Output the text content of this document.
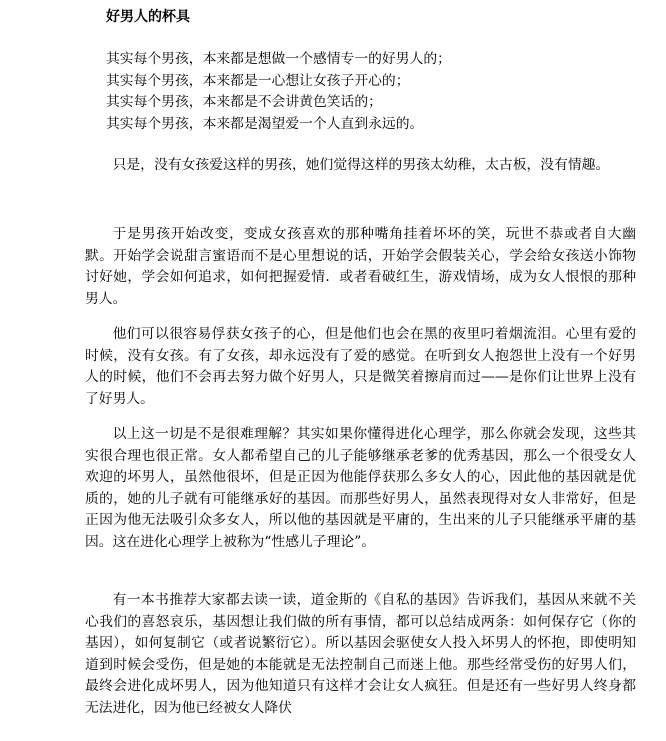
好男人的杯具
其实每个男孩，本来都是想做一个感情专一的好男人的；
其实每个男孩，本来都是一心想让女孩子开心的；
其实每个男孩，本来都是不会讲黄色笑话的；
其实每个男孩，本来都是渴望爱一个人直到永远的。

只是，没有女孩爱这样的男孩，她们觉得这样的男孩太幼稚，太古板，没有情趣。

于是男孩开始改变，变成女孩喜欢的那种嘴角挂着坏坏的笑，玩世不恭或者自大幽默。开始学会说甜言蜜语而不是心里想说的话，开始学会假装关心，学会给女孩送小饰物讨好她，学会如何追求，如何把握爱情．或者看破红生，游戏情场，成为女人恨恨的那种男人。

他们可以很容易俘获女孩子的心，但是他们也会在黑的夜里叼着烟流泪。心里有爱的时候，没有女孩。有了女孩，却永远没有了爱的感觉。在听到女人抱怨世上没有一个好男人的时候，他们不会再去努力做个好男人，只是微笑着擦肩而过——是你们让世界上没有了好男人。

以上这一切是不是很难理解？其实如果你懂得进化心理学，那么你就会发现，这些其实很合理也很正常。女人都希望自己的儿子能够继承老爹的优秀基因，那么一个很受女人欢迎的坏男人，虽然他很坏，但是正因为他能俘获那么多女人的心，因此他的基因就是优质的，她的儿子就有可能继承好的基因。而那些好男人，虽然表现得对女人非常好，但是正因为他无法吸引众多女人，所以他的基因就是平庸的，生出来的儿子只能继承平庸的基因。这在进化心理学上被称为“性感儿子理论”。

有一本书推荐大家都去读一读，道金斯的《自私的基因》告诉我们，基因从来就不关心我们的喜怒哀乐，基因想让我们做的所有事情，都可以总结成两条：如何保存它（你的基因），如何复制它（或者说繁衍它）。所以基因会驱使女人投入坏男人的怀抱，即使明知道到时候会受伤，但是她的本能就是无法控制自己而迷上他。那些经常受伤的好男人们，最终会进化成坏男人，因为他知道只有这样才会让女人疯狂。但是还有一些好男人终身都无法进化，因为他已经被女人降伏
